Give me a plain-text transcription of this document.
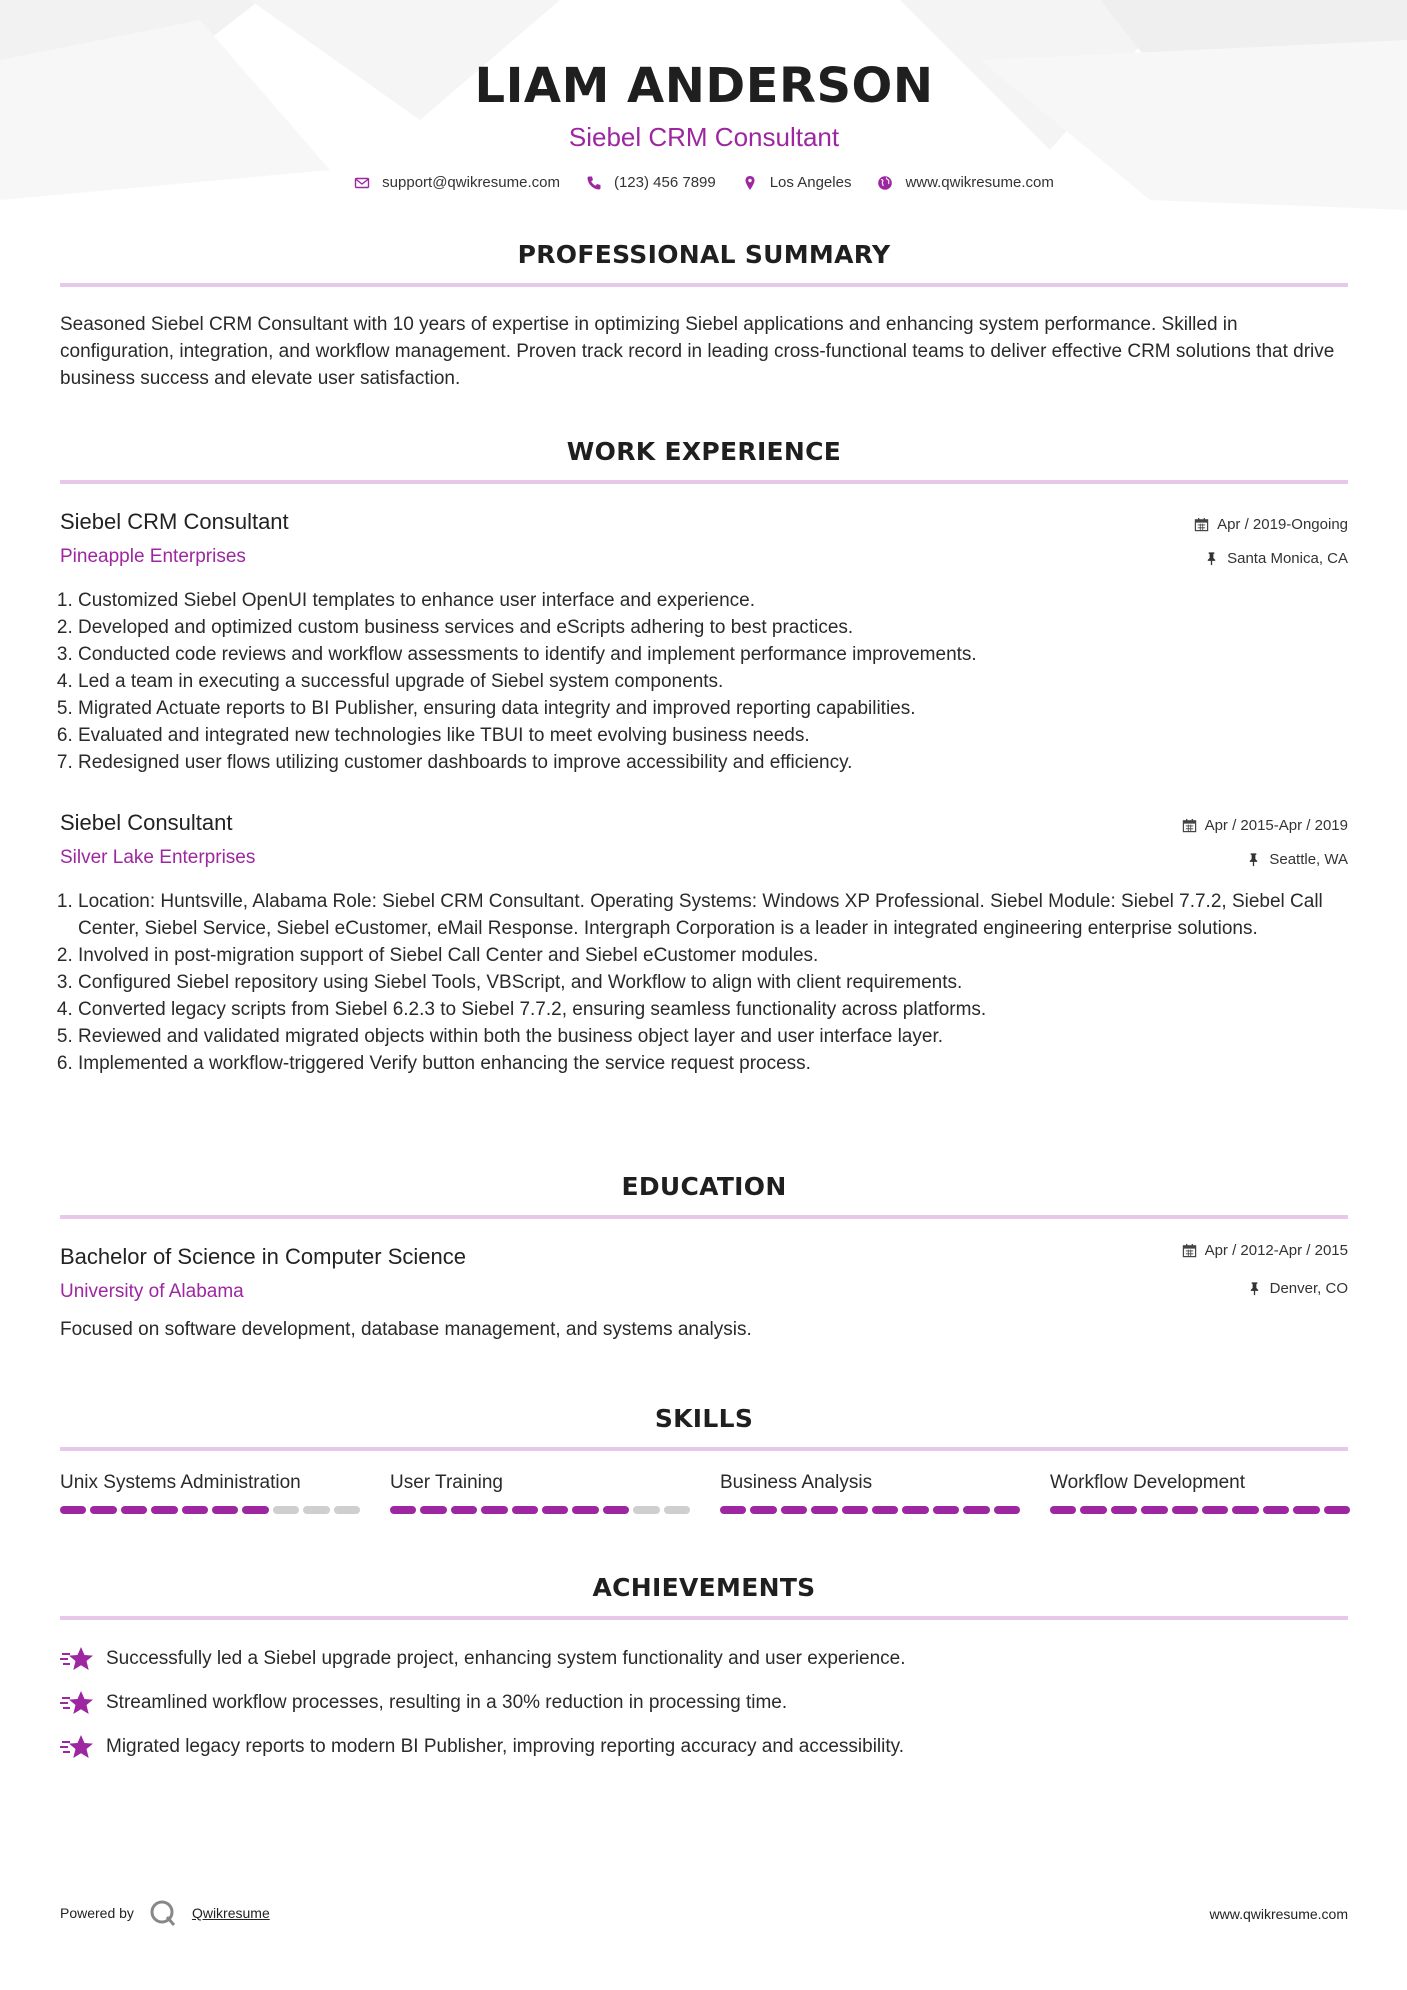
LIAM ANDERSON
Siebel CRM Consultant
support@qwikresume.com	(123) 456 7899	Los Angeles	www.qwikresume.com
PROFESSIONAL SUMMARY
Seasoned Siebel CRM Consultant with 10 years of expertise in optimizing Siebel applications and enhancing system performance. Skilled in configuration, integration, and workflow management. Proven track record in leading cross-functional teams to deliver effective CRM solutions that drive business success and elevate user satisfaction.
WORK EXPERIENCE
Siebel CRM Consultant
Pineapple Enterprises
Apr / 2019-Ongoing
Santa Monica, CA
1. Customized Siebel OpenUI templates to enhance user interface and experience.
2. Developed and optimized custom business services and eScripts adhering to best practices.
3. Conducted code reviews and workflow assessments to identify and implement performance improvements.
4. Led a team in executing a successful upgrade of Siebel system components.
5. Migrated Actuate reports to BI Publisher, ensuring data integrity and improved reporting capabilities.
6. Evaluated and integrated new technologies like TBUI to meet evolving business needs.
7. Redesigned user flows utilizing customer dashboards to improve accessibility and efficiency.
Siebel Consultant
Silver Lake Enterprises
Apr / 2015-Apr / 2019
Seattle, WA
1. Location: Huntsville, Alabama Role: Siebel CRM Consultant. Operating Systems: Windows XP Professional. Siebel Module: Siebel 7.7.2, Siebel Call Center, Siebel Service, Siebel eCustomer, eMail Response. Intergraph Corporation is a leader in integrated engineering enterprise solutions.
2. Involved in post-migration support of Siebel Call Center and Siebel eCustomer modules.
3. Configured Siebel repository using Siebel Tools, VBScript, and Workflow to align with client requirements.
4. Converted legacy scripts from Siebel 6.2.3 to Siebel 7.7.2, ensuring seamless functionality across platforms.
5. Reviewed and validated migrated objects within both the business object layer and user interface layer.
6. Implemented a workflow-triggered Verify button enhancing the service request process.
EDUCATION
Bachelor of Science in Computer Science
University of Alabama
Apr / 2012-Apr / 2015
Denver, CO
Focused on software development, database management, and systems analysis.
SKILLS
Unix Systems Administration	User Training	Business Analysis	Workflow Development
ACHIEVEMENTS
Successfully led a Siebel upgrade project, enhancing system functionality and user experience.
Streamlined workflow processes, resulting in a 30% reduction in processing time.
Migrated legacy reports to modern BI Publisher, improving reporting accuracy and accessibility.
Powered by	Qwikresume	www.qwikresume.com
